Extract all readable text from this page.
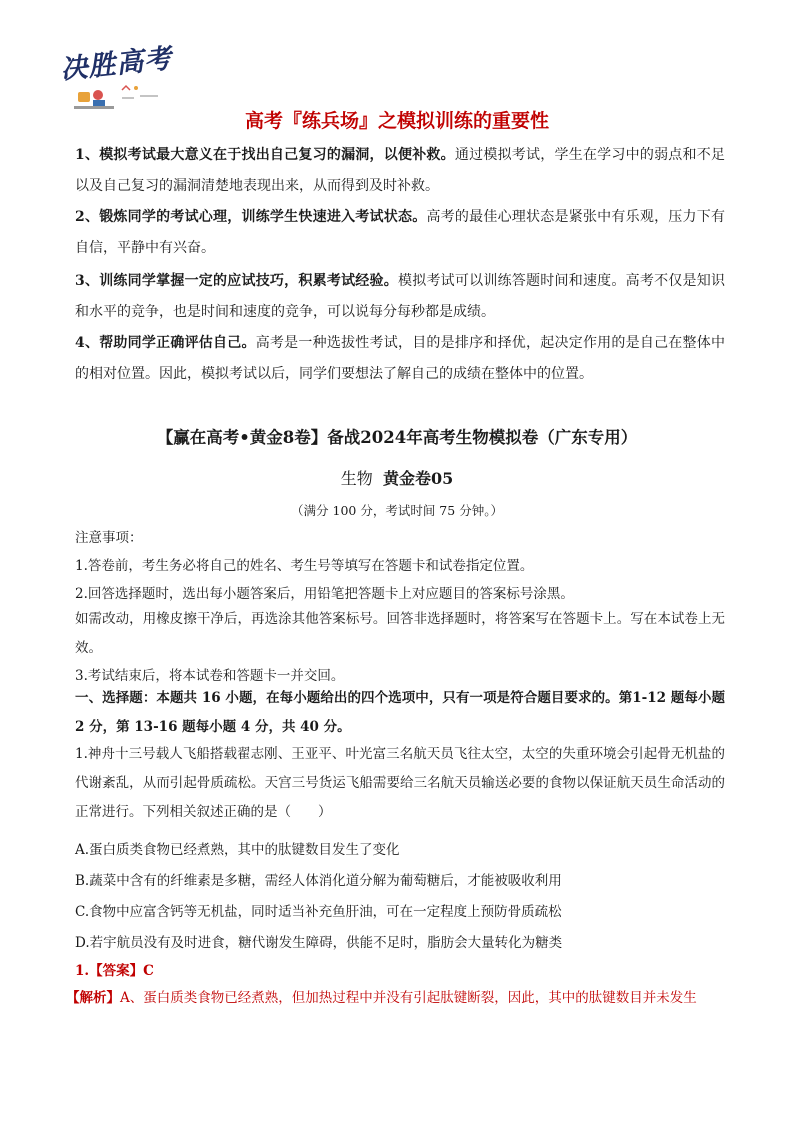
决胜高考
高考『练兵场』之模拟训练的重要性
1、模拟考试最大意义在于找出自己复习的漏洞，以便补救。通过模拟考试，学生在学习中的弱点和不足以及自己复习的漏洞清楚地表现出来，从而得到及时补救。
2、锻炼同学的考试心理，训练学生快速进入考试状态。高考的最佳心理状态是紧张中有乐观，压力下有自信，平静中有兴奋。
3、训练同学掌握一定的应试技巧，积累考试经验。模拟考试可以训练答题时间和速度。高考不仅是知识和水平的竞争，也是时间和速度的竞争，可以说每分每秒都是成绩。
4、帮助同学正确评估自己。高考是一种选拔性考试，目的是排序和择优，起决定作用的是自己在整体中的相对位置。因此，模拟考试以后，同学们要想法了解自己的成绩在整体中的位置。
【赢在高考•黄金8卷】备战2024年高考生物模拟卷（广东专用）
生物 黄金卷05
（满分 100 分，考试时间 75 分钟。）
注意事项：
1.答卷前，考生务必将自己的姓名、考生号等填写在答题卡和试卷指定位置。
2.回答选择题时，选出每小题答案后，用铅笔把答题卡上对应题目的答案标号涂黑。
如需改动，用橡皮擦干净后，再选涂其他答案标号。回答非选择题时，将答案写在答题卡上。写在本试卷上无效。
3.考试结束后，将本试卷和答题卡一并交回。
一、选择题：本题共 16 小题，在每小题给出的四个选项中，只有一项是符合题目要求的。第1-12 题每小题 2 分，第 13-16 题每小题 4 分，共 40 分。
1.神舟十三号载人飞船搭载翟志刚、王亚平、叶光富三名航天员飞往太空，太空的失重环境会引起骨无机盐的代谢紊乱，从而引起骨质疏松。天宫三号货运飞船需要给三名航天员输送必要的食物以保证航天员生命活动的正常进行。下列相关叙述正确的是（　　）
A.蛋白质类食物已经煮熟，其中的肽键数目发生了变化
B.蔬菜中含有的纤维素是多糖，需经人体消化道分解为葡萄糖后，才能被吸收利用
C.食物中应富含钙等无机盐，同时适当补充鱼肝油，可在一定程度上预防骨质疏松
D.若宇航员没有及时进食，糖代谢发生障碍，供能不足时，脂肪会大量转化为糖类
1.【答案】C
【解析】A、蛋白质类食物已经煮熟，但加热过程中并没有引起肽键断裂，因此，其中的肽键数目并未发生
